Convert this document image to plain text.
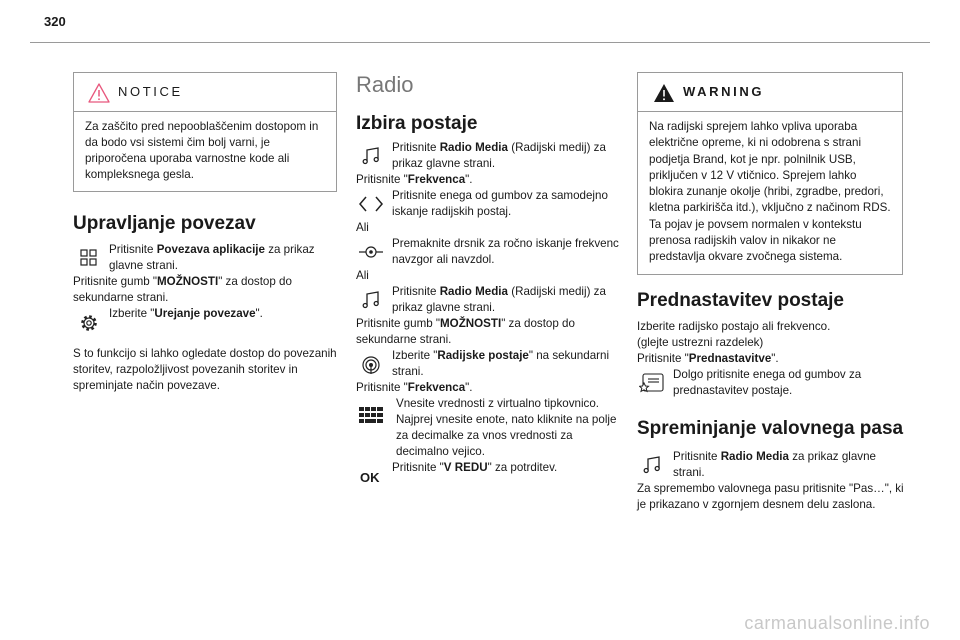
320
NOTICE
Za zaščito pred nepooblaščenim dostopom in da bodo vsi sistemi čim bolj varni, je priporočena uporaba varnostne kode ali kompleksnega gesla.
Upravljanje povezav
Pritisnite Povezava aplikacije za prikaz glavne strani.

Pritisnite gumb "MOŽNOSTI" za dostop do sekundarne strani.

Izberite "Urejanje povezave".

S to funkcijo si lahko ogledate dostop do povezanih storitev, razpoložljivost povezanih storitev in spreminjate način povezave.

Radio
Izbira postaje
Pritisnite Radio Media (Radijski medij) za prikaz glavne strani.

Pritisnite "Frekvenca".

Pritisnite enega od gumbov za samodejno iskanje radijskih postaj.

Ali

Premaknite drsnik za ročno iskanje frekvenc navzgor ali navzdol.

Ali

Pritisnite Radio Media (Radijski medij) za prikaz glavne strani.

Pritisnite gumb "MOŽNOSTI" za dostop do sekundarne strani.

Izberite "Radijske postaje" na sekundarni strani.

Pritisnite "Frekvenca".

Vnesite vrednosti z virtualno tipkovnico. Najprej vnesite enote, nato kliknite na polje za decimalke za vnos vrednosti za decimalno vejico.
OK
Pritisnite "V REDU" za potrditev.
WARNING
Na radijski sprejem lahko vpliva uporaba električne opreme, ki ni odobrena s strani podjetja Brand, kot je npr. polnilnik USB, priključen v 12 V vtičnico. Sprejem lahko blokira zunanje okolje (hribi, zgradbe, predori, kletna parkirišča itd.), vključno z načinom RDS. Ta pojav je povsem normalen v kontekstu prenosa radijskih valov in nikakor ne predstavlja okvare zvočnega sistema.
Prednastavitev postaje

Izberite radijsko postajo ali frekvenco.

(glejte ustrezni razdelek)

Pritisnite "Prednastavitve".

Dolgo pritisnite enega od gumbov za prednastavitev postaje.
Spreminjanje valovnega pasa
Pritisnite Radio Media za prikaz glavne strani.

Za spremembo valovnega pasu pritisnite "Pas…", ki je prikazano v zgornjem desnem delu zaslona.

carmanualsonline.info
